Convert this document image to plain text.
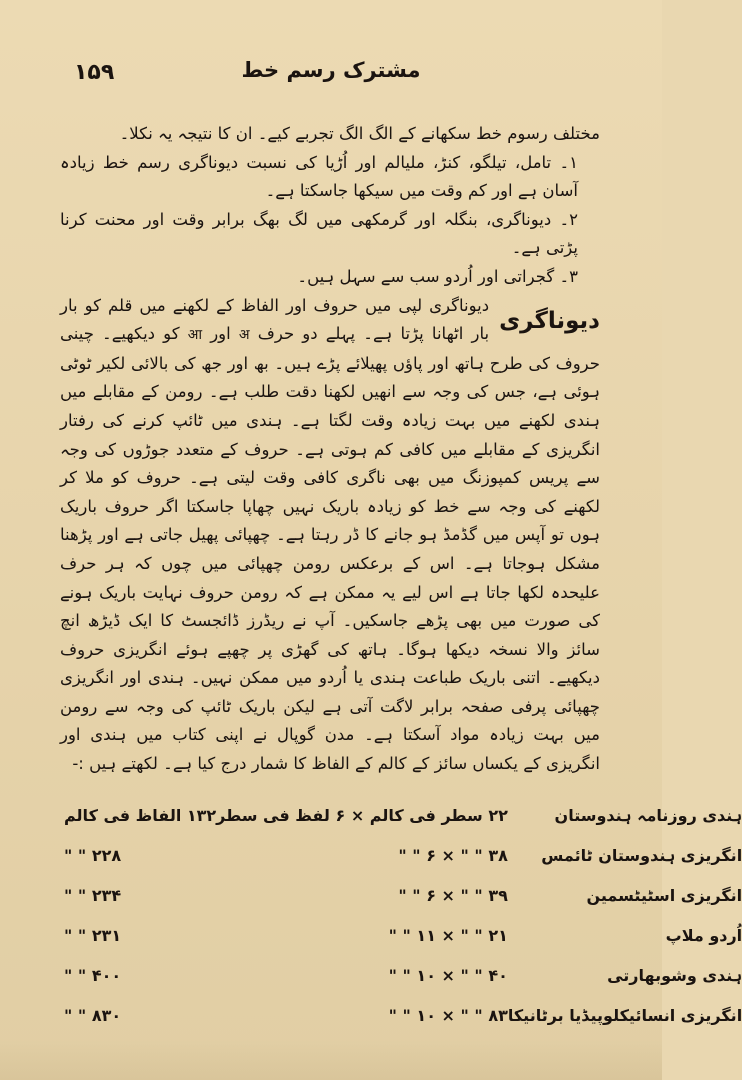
۱۵۹	مشترک رسم خط

مختلف رسوم خط سکھانے کے الگ الگ تجربے کیے۔ ان کا نتیجہ یہ نکلا۔

۱۔ تامل، تیلگو، کنڑ، ملیالم اور اُڑیا کی نسبت دیوناگری رسم خط زیادہ آسان ہے اور کم وقت میں سیکھا جاسکتا ہے۔

۲۔ دیوناگری، بنگلہ اور گرمکھی میں لگ بھگ برابر وقت اور محنت کرنا پڑتی ہے۔

۳۔ گجراتی اور اُردو سب سے سہل ہیں۔

دیوناگری
دیوناگری لپی میں حروف اور الفاظ کے لکھنے میں قلم کو بار بار اٹھانا پڑتا ہے۔ پہلے دو حرف अ اور आ کو دیکھیے۔ چینی حروف کی طرح ہاتھ اور پاؤں پھیلائے پڑے ہیں۔ بھ اور جھ کی بالائی لکیر ٹوٹی ہوئی ہے، جس کی وجہ سے انھیں لکھنا دقت طلب ہے۔ رومن کے مقابلے میں ہندی لکھنے میں بہت زیادہ وقت لگتا ہے۔ ہندی میں ٹائپ کرنے کی رفتار انگریزی کے مقابلے میں کافی کم ہوتی ہے۔ حروف کے متعدد جوڑوں کی وجہ سے پریس کمپوزنگ میں بھی ناگری کافی وقت لیتی ہے۔ حروف کو ملا کر لکھنے کی وجہ سے خط کو زیادہ باریک نہیں چھاپا جاسکتا اگر حروف باریک ہوں تو آپس میں گڈمڈ ہو جانے کا ڈر رہتا ہے۔ چھپائی پھیل جاتی ہے اور پڑھنا مشکل ہوجاتا ہے۔ اس کے برعکس رومن چھپائی میں چوں کہ ہر حرف علیحدہ لکھا جاتا ہے اس لیے یہ ممکن ہے کہ رومن حروف نہایت باریک ہونے کی صورت میں بھی پڑھے جاسکیں۔ آپ نے ریڈرز ڈائجسٹ کا ایک ڈیڑھ انچ سائز والا نسخہ دیکھا ہوگا۔ ہاتھ کی گھڑی پر چھپے ہوئے انگریزی حروف دیکھیے۔ اتنی باریک طباعت ہندی یا اُردو میں ممکن نہیں۔ ہندی اور انگریزی چھپائی پرفی صفحہ برابر لاگت آتی ہے لیکن باریک ٹائپ کی وجہ سے رومن میں بہت زیادہ مواد آسکتا ہے۔ مدن گوپال نے اپنی کتاب میں ہندی اور انگریزی کے یکساں سائز کے کالم کے الفاظ کا شمار درج کیا ہے۔ لکھتے ہیں :-

ہندی روزنامہ ہندوستان	۲۲ سطر فی کالم × ۶ لفظ فی سطر	۱۳۲ الفاظ فی کالم
انگریزی ہندوستان ٹائمس	۳۸ " " × ۶ " "	۲۲۸ " "
انگریزی اسٹیٹسمین	۳۹ " " × ۶ " "	۲۳۴ " "
اُردو ملاپ	۲۱ " " × ۱۱ " "	۲۳۱ " "
ہندی وشوبھارتی	۴۰ " " × ۱۰ " "	۴۰۰ " "
انگریزی انسائیکلوپیڈیا برٹانیکا	۸۳ " " × ۱۰ " "	۸۳۰ " "
